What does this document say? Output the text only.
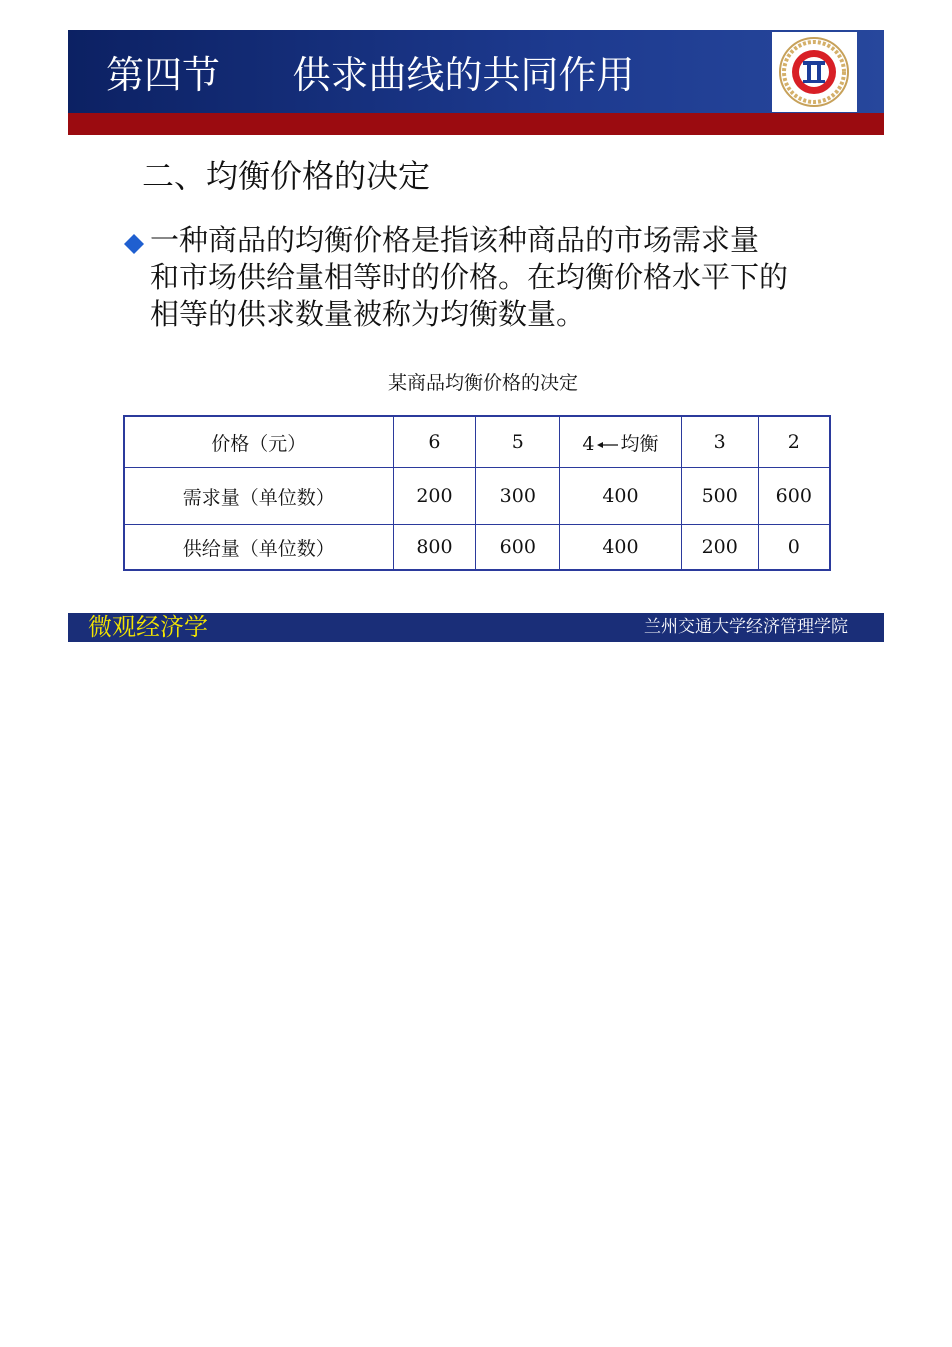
第四节      供求曲线的共同作用
二、均衡价格的决定
一种商品的均衡价格是指该种商品的市场需求量
和市场供给量相等时的价格。在均衡价格水平下的
相等的供求数量被称为均衡数量。
某商品均衡价格的决定
价格（元）	6	5	4 均衡	3	2
需求量（单位数）	200	300	400	500	600
供给量（单位数）	800	600	400	200	0
微观经济学	兰州交通大学经济管理学院
